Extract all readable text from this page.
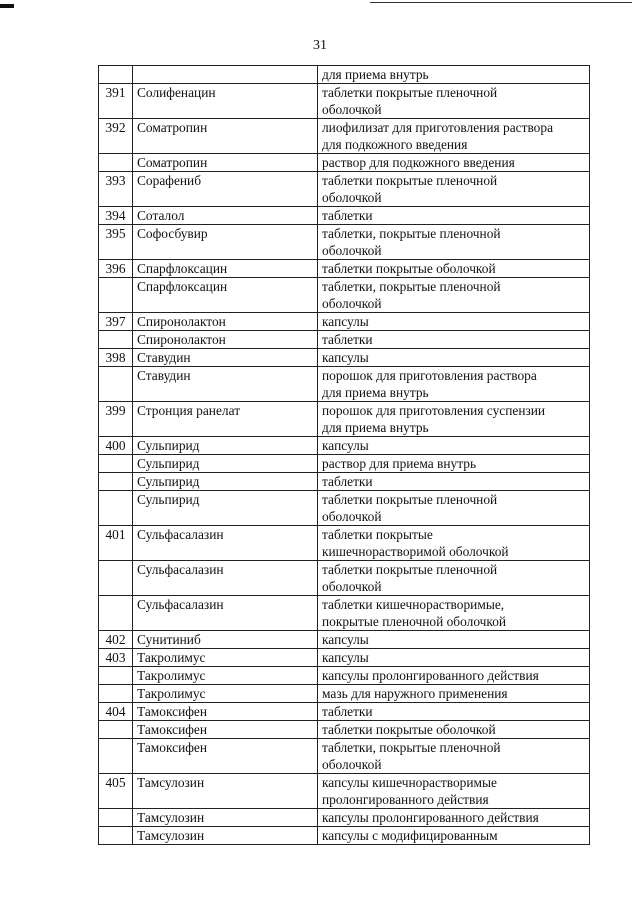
31

		для приема внутрь

391	Солифенацин	таблетки покрытые пленочной
оболочкой

392	Соматропин	лиофилизат для приготовления раствора
для подкожного введения

	Соматропин	раствор для подкожного введения

393	Сорафениб	таблетки покрытые пленочной
оболочкой

394	Соталол	таблетки

395	Софосбувир	таблетки, покрытые пленочной
оболочкой

396	Спарфлоксацин	таблетки покрытые оболочкой

	Спарфлоксацин	таблетки, покрытые пленочной
оболочкой

397	Спиронолактон	капсулы

	Спиронолактон	таблетки

398	Ставудин	капсулы

	Ставудин	порошок для приготовления раствора
для приема внутрь

399	Стронция ранелат	порошок для приготовления суспензии
для приема внутрь

400	Сульпирид	капсулы

	Сульпирид	раствор для приема внутрь

	Сульпирид	таблетки

	Сульпирид	таблетки покрытые пленочной
оболочкой

401	Сульфасалазин	таблетки покрытые
кишечнорастворимой оболочкой

	Сульфасалазин	таблетки покрытые пленочной
оболочкой

	Сульфасалазин	таблетки кишечнорастворимые,
покрытые пленочной оболочкой

402	Сунитиниб	капсулы

403	Такролимус	капсулы

	Такролимус	капсулы пролонгированного действия

	Такролимус	мазь для наружного применения

404	Тамоксифен	таблетки

	Тамоксифен	таблетки покрытые оболочкой

	Тамоксифен	таблетки, покрытые пленочной
оболочкой

405	Тамсулозин	капсулы кишечнорастворимые
пролонгированного действия

	Тамсулозин	капсулы пролонгированного действия

	Тамсулозин	капсулы с модифицированным
